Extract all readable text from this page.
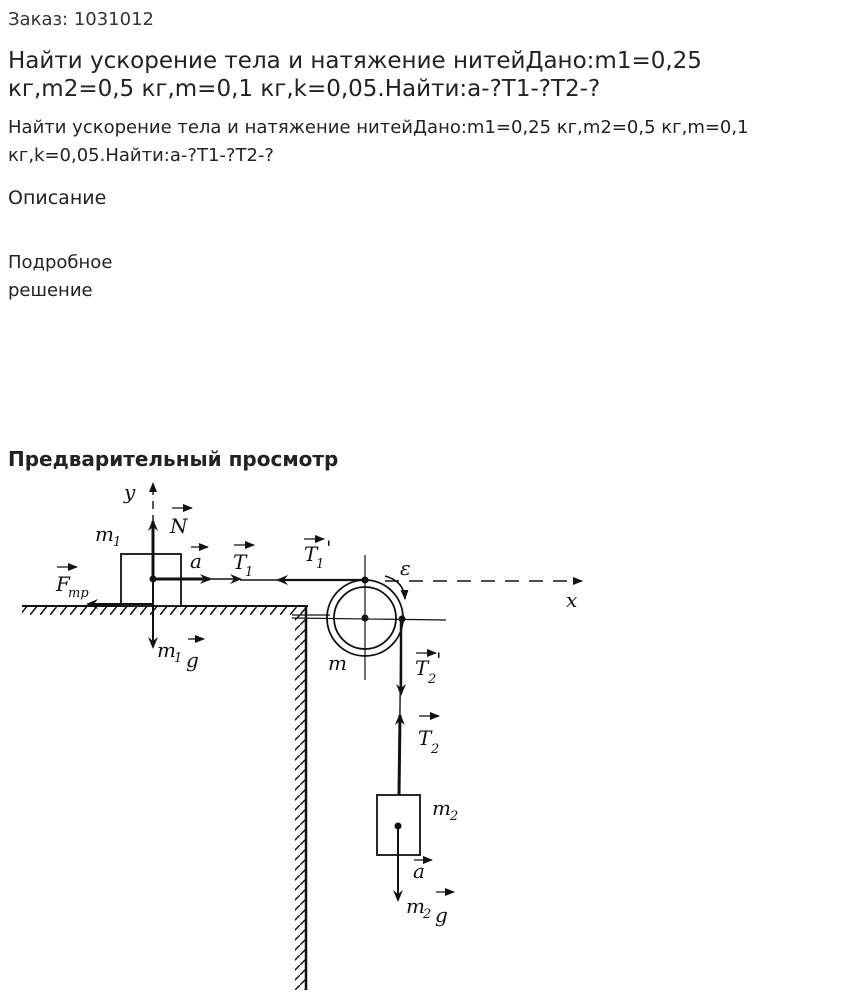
Заказ: 1031012
Найти ускорение тела и натяжение нитейДано:m1=0,25 кг,m2=0,5 кг,m=0,1 кг,k=0,05.Найти:a-?T1-?T2-?
Найти ускорение тела и натяжение нитейДано:m1=0,25 кг,m2=0,5 кг,m=0,1 кг,k=0,05.Найти:a-?T1-?T2-?
Описание
Подробное решение
Предварительный просмотр
y
m 1
N
m
1 g
F
тр
a T
1
T
1
'
x
m
ε
T 2
'
T 2
m 2
a
m
2 g
